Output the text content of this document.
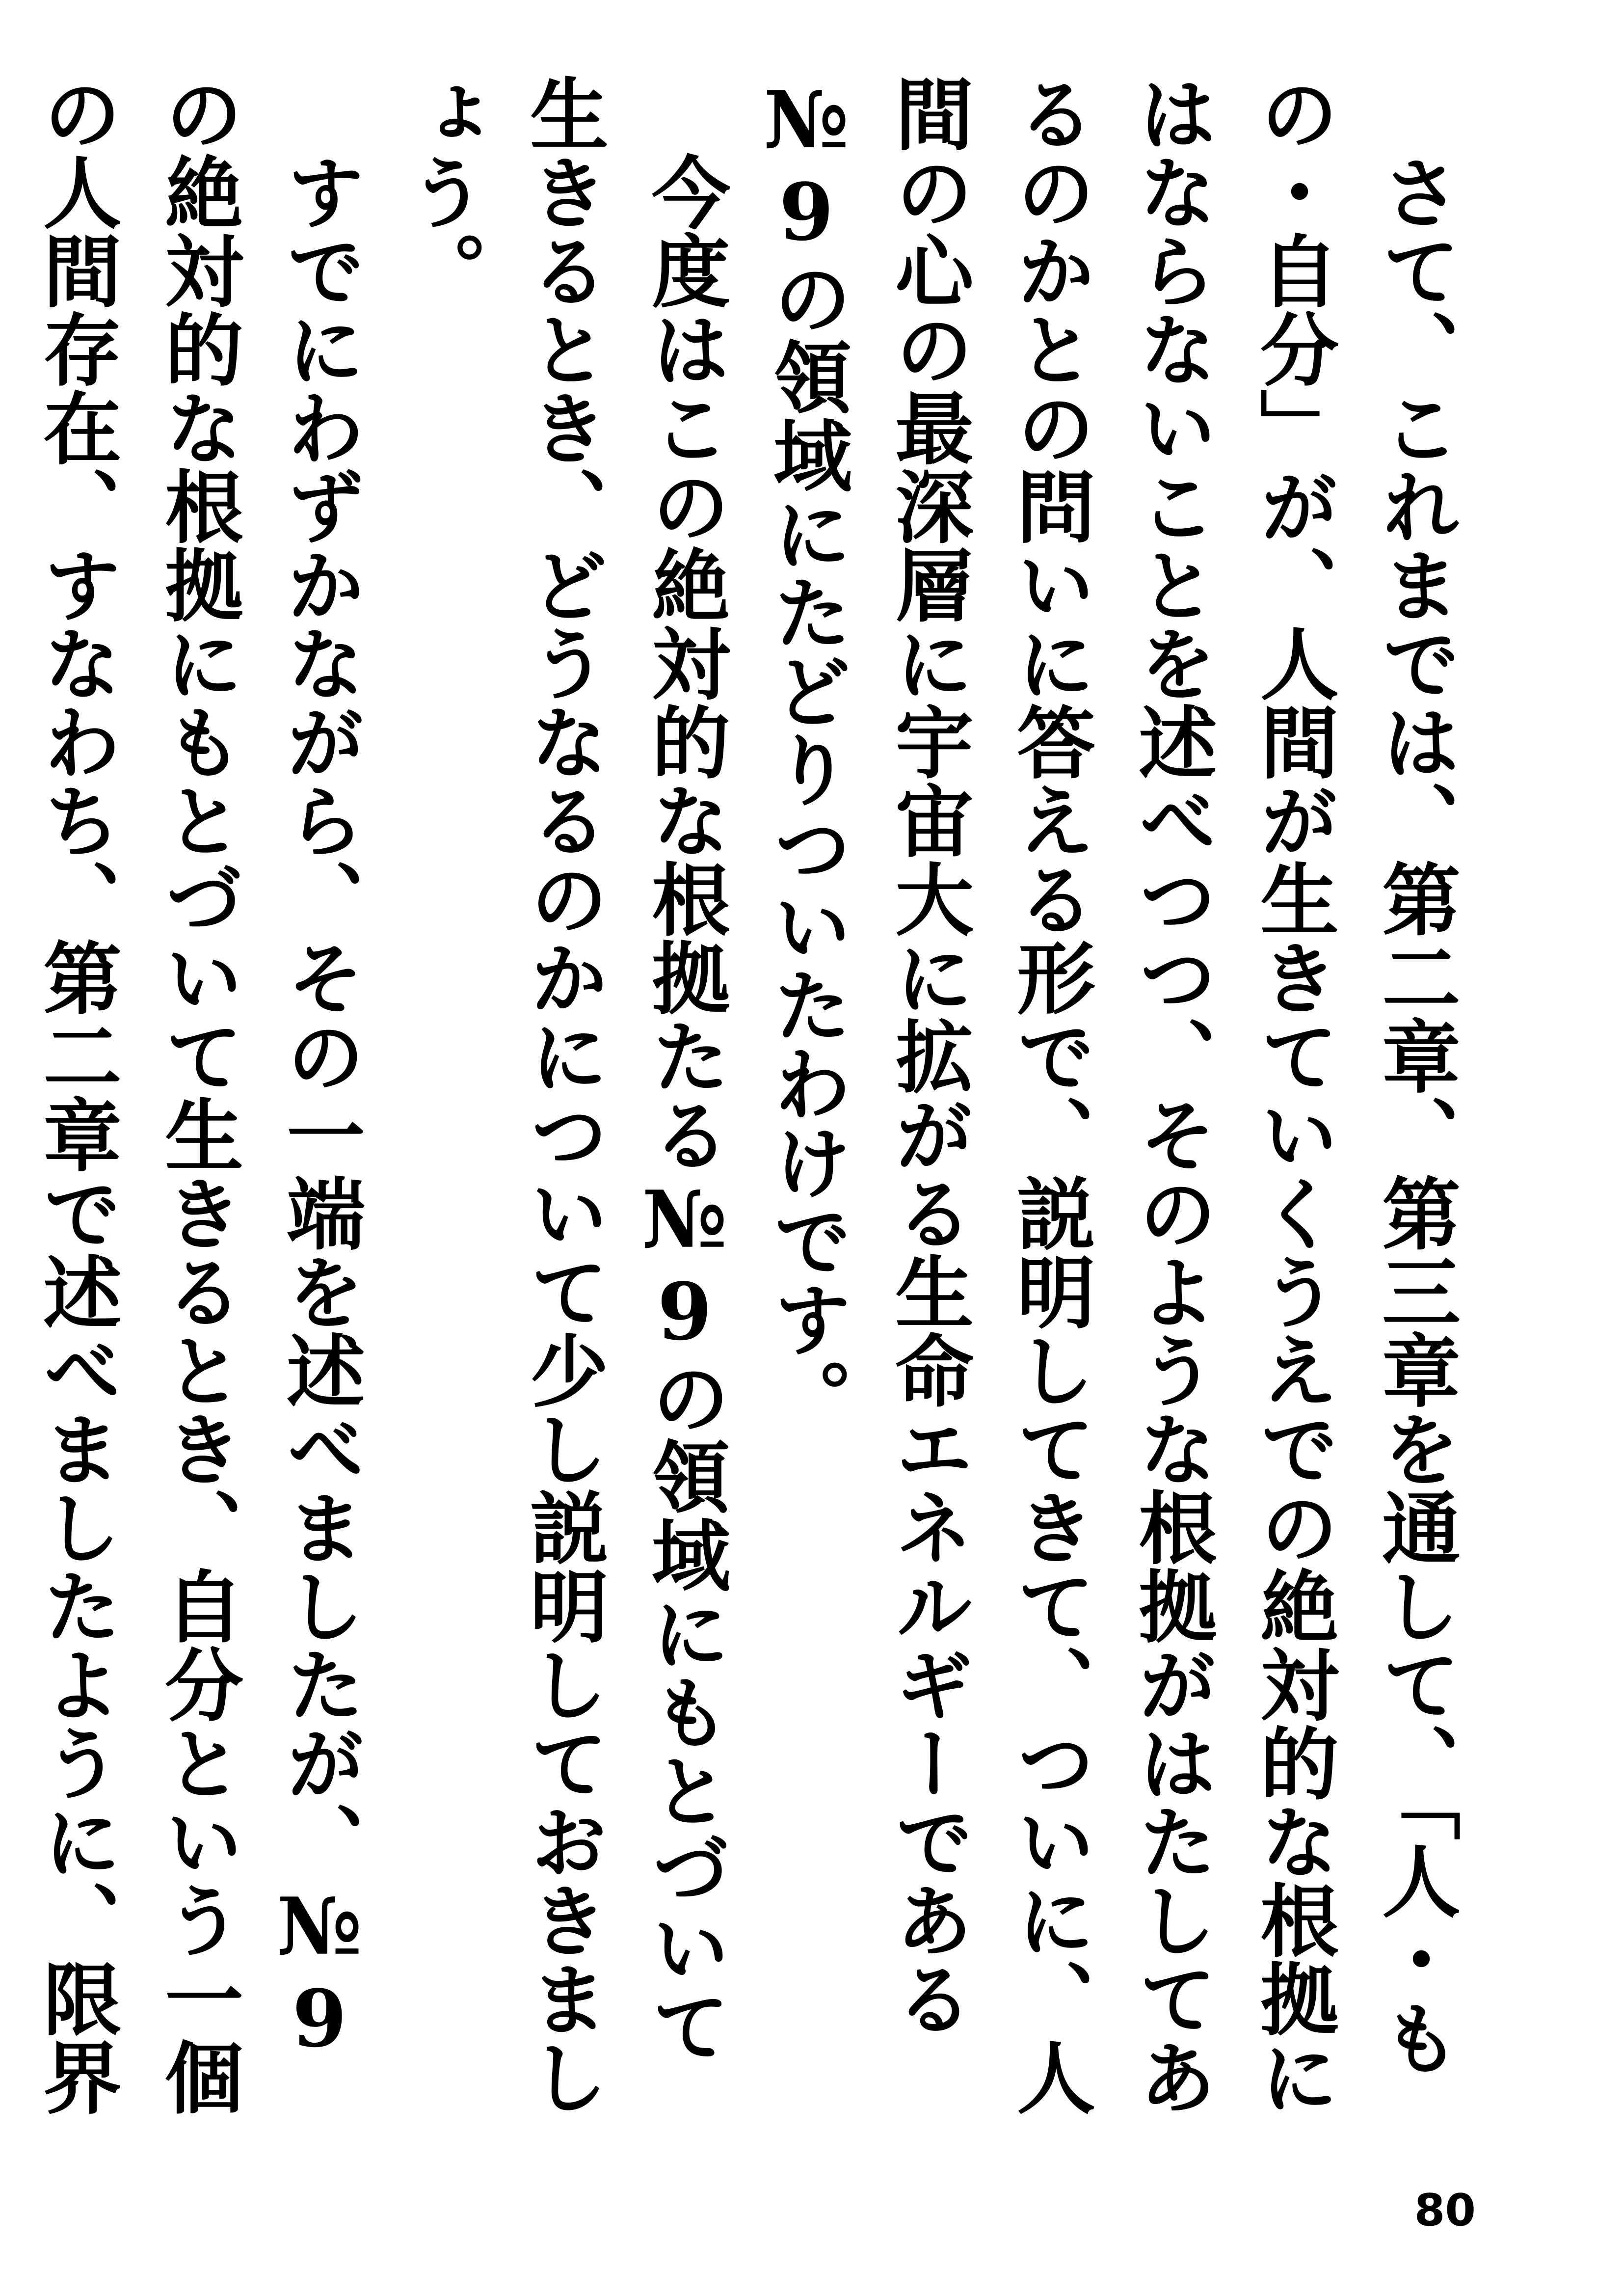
さて、これまでは、第二章、第三章を通して、「人・もの・自分」が、人間が生きていくうえでの絶対的な根拠にはならないことを述べつつ、そのような根拠がはたしてあるのかとの問いに答える形で、説明してきて、ついに、人間の心の最深層に宇宙大に拡がる生命エネルギーである№9の領域にたどりついたわけです。

今度はこの絶対的な根拠たる№9の領域にもとづいて生きるとき、どうなるのかについて少し説明しておきましょう。

すでにわずかながら、その一端を述べましたが、№9の絶対的な根拠にもとづいて生きるとき、自分という一個の人間存在、すなわち、第二章で述べましたように、限界

80
